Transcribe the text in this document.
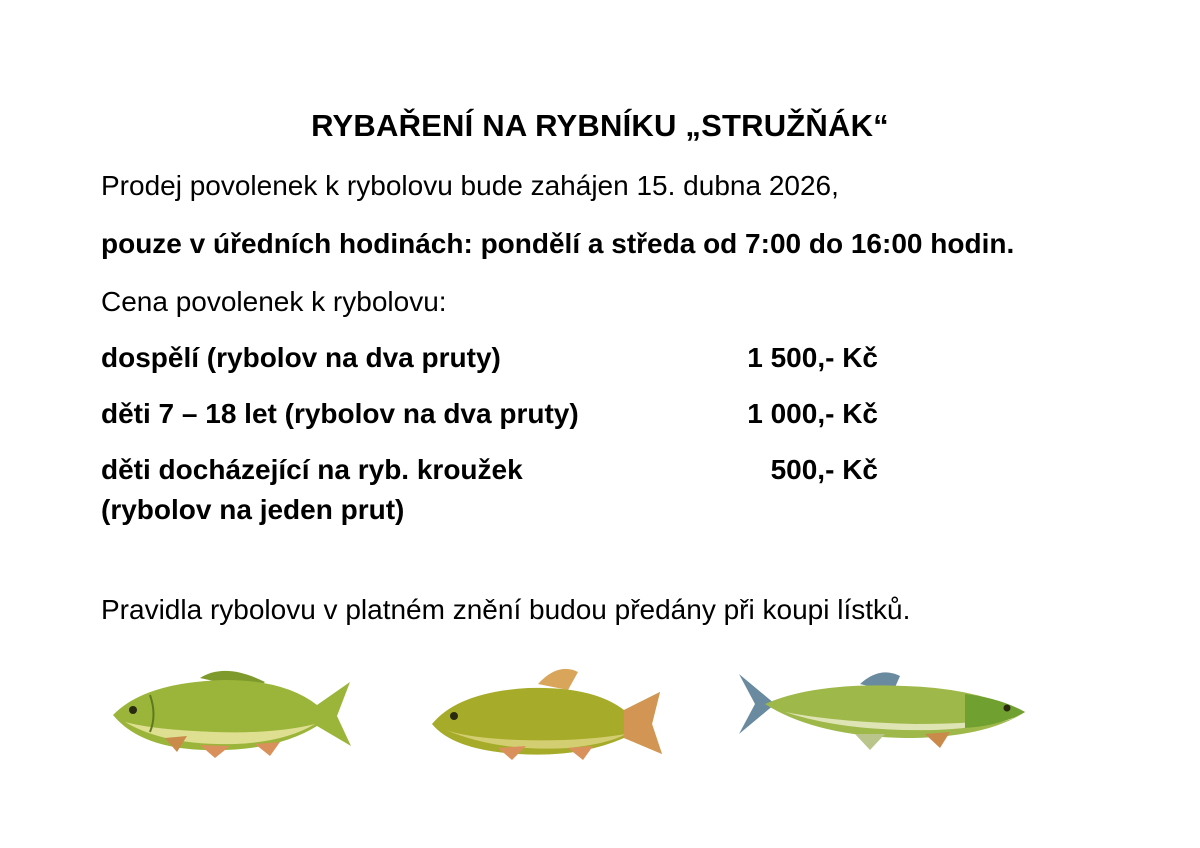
RYBAŘENÍ NA RYBNÍKU „STRUŽŇÁK“
Prodej povolenek k rybolovu bude zahájen 15. dubna 2026,
pouze v úředních hodinách: pondělí a středa od 7:00 do 16:00 hodin.
Cena povolenek k rybolovu:
dospělí (rybolov na dva pruty)	1 500,- Kč
děti 7 – 18 let (rybolov na dva pruty)	1 000,- Kč
děti docházející na ryb. kroužek
(rybolov na jeden prut)
500,- Kč
Pravidla rybolovu v platném znění budou předány při koupi lístků.
